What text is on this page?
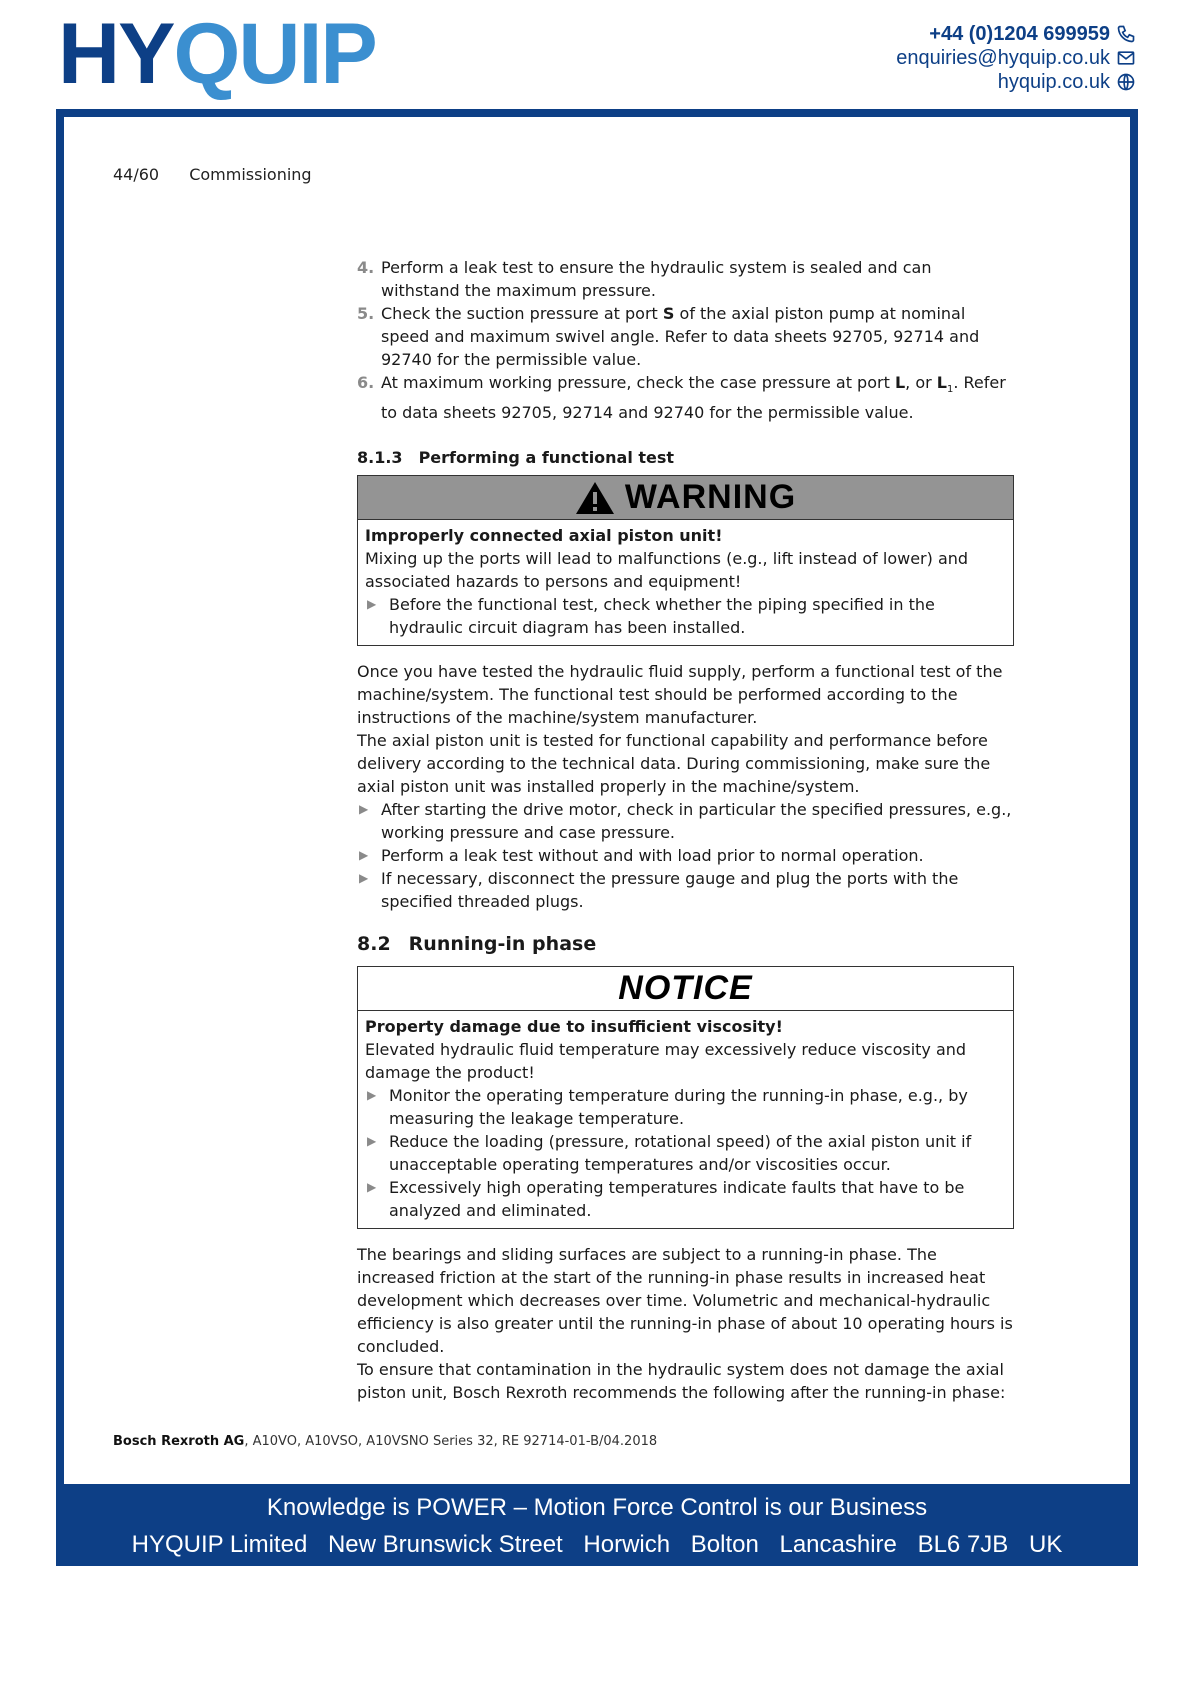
HYQUIP	+44 (0)1204 699959
enquiries@hyquip.co.uk
hyquip.co.uk
44/60 Commissioning
4. Perform a leak test to ensure the hydraulic system is sealed and can withstand the maximum pressure.
5. Check the suction pressure at port S of the axial piston pump at nominal speed and maximum swivel angle. Refer to data sheets 92705, 92714 and 92740 for the permissible value.
6. At maximum working pressure, check the case pressure at port L, or $L_1$. Refer to data sheets 92705, 92714 and 92740 for the permissible value.
8.1.3 Performing a functional test
WARNING
Improperly connected axial piston unit!
Mixing up the ports will lead to malfunctions (e.g., lift instead of lower) and associated hazards to persons and equipment!
▶ Before the functional test, check whether the piping specified in the hydraulic circuit diagram has been installed.

Once you have tested the hydraulic fluid supply, perform a functional test of the machine/system. The functional test should be performed according to the instructions of the machine/system manufacturer.

The axial piston unit is tested for functional capability and performance before delivery according to the technical data. During commissioning, make sure the axial piston unit was installed properly in the machine/system.

▶ After starting the drive motor, check in particular the specified pressures, e.g., working pressure and case pressure.
▶ Perform a leak test without and with load prior to normal operation.
▶ If necessary, disconnect the pressure gauge and plug the ports with the specified threaded plugs.
8.2 Running-in phase
NOTICE
Property damage due to insufficient viscosity!
Elevated hydraulic fluid temperature may excessively reduce viscosity and damage the product!
▶ Monitor the operating temperature during the running-in phase, e.g., by measuring the leakage temperature.
▶ Reduce the loading (pressure, rotational speed) of the axial piston unit if unacceptable operating temperatures and/or viscosities occur.
▶ Excessively high operating temperatures indicate faults that have to be analyzed and eliminated.

The bearings and sliding surfaces are subject to a running-in phase. The increased friction at the start of the running-in phase results in increased heat development which decreases over time. Volumetric and mechanical-hydraulic efficiency is also greater until the running-in phase of about 10 operating hours is concluded.

To ensure that contamination in the hydraulic system does not damage the axial piston unit, Bosch Rexroth recommends the following after the running-in phase:

Bosch Rexroth AG, A10VO, A10VSO, A10VSNO Series 32, RE 92714-01-B/04.2018
Knowledge is POWER – Motion Force Control is our Business
HYQUIP Limited New Brunswick Street Horwich Bolton Lancashire BL6 7JB UK
